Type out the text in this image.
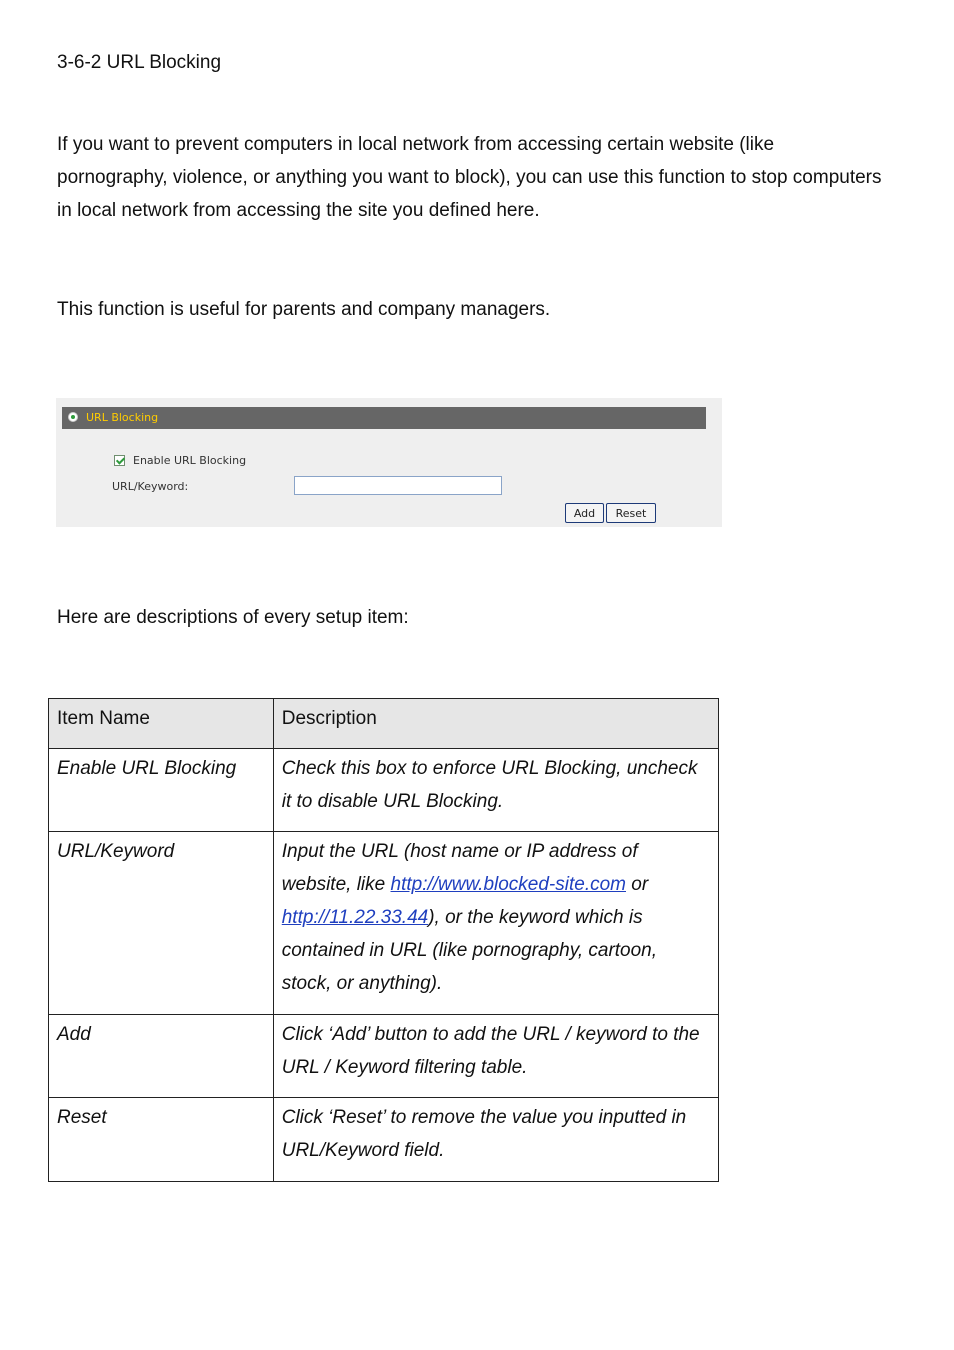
3-6-2 URL Blocking

If you want to prevent computers in local network from accessing certain website (like pornography, violence, or anything you want to block), you can use this function to stop computers in local network from accessing the site you defined here.

This function is useful for parents and company managers.

URL Blocking
Enable URL Blocking
URL/Keyword:
Add	Reset

Here are descriptions of every setup item:

Item Name	Description
Enable URL Blocking	Check this box to enforce URL Blocking, uncheck it to disable URL Blocking.
URL/Keyword	Input the URL (host name or IP address of website, like http://www.blocked-site.com or http://11.22.33.44), or the keyword which is contained in URL (like pornography, cartoon, stock, or anything).
Add	Click ‘Add’ button to add the URL / keyword to the URL / Keyword filtering table.
Reset	Click ‘Reset’ to remove the value you inputted in URL/Keyword field.
